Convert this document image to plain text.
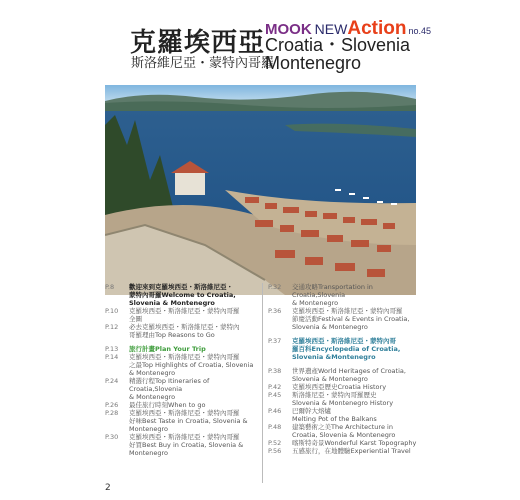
克羅埃西亞
斯洛維尼亞・蒙特內哥羅
MOOK NEWAction no.45
Croatia・Slovenia
Montenegro
P.8	歡迎來到克羅埃西亞・斯洛維尼亞・
蒙特內哥羅Welcome to Croatia,
Slovenia & Montenegro
P.10	克羅埃西亞・斯洛維尼亞・蒙特內哥羅
全圖
P.12	必去克羅埃西亞・斯洛維尼亞・蒙特內
哥羅理由Top Reasons to Go
P.13	旅行計畫Plan Your Trip
P.14	克羅埃西亞・斯洛維尼亞・蒙特內哥羅
之最Top Highlights of Croatia, Slovenia
& Montenegro
P.24	精選行程Top Itineraries of Croatia,Slovenia
& Montenegro
P.26	最佳旅行時刻When to go
P.28	克羅埃西亞・斯洛維尼亞・蒙特內哥羅
好味Best Taste in Croatia, Slovenia &
Montenegro
P.30	克羅埃西亞・斯洛維尼亞・蒙特內哥羅
好買Best Buy in Croatia, Slovenia &
Montenegro
P.32	交通攻略Transportation in Croatia,Slovenia
& Montenegro
P.36	克羅埃西亞・斯洛維尼亞・蒙特內哥羅
節慶活動Festival & Events in Croatia,
Slovenia & Montenegro
P.37	克羅埃西亞・斯洛維尼亞・蒙特內哥
羅百科Encyclopedia of Croatia,
Slovenia &Montenegro
P.38	世界遺產World Heritages of Croatia,
Slovenia & Montenegro
P.42	克羅埃西亞歷史Croatia History
P.45	斯洛維尼亞・蒙特內哥羅歷史
Slovenia & Montenegro History
P.46	巴爾幹大熔爐
Melting Pot of the Balkans
P.48	建築藝術之美The Architecture in
Croatia, Slovenia & Montenegro
P.52	喀斯特奇景Wonderful Karst Topography
P.56	五感旅行，在地體驗Experiential Travel
2
